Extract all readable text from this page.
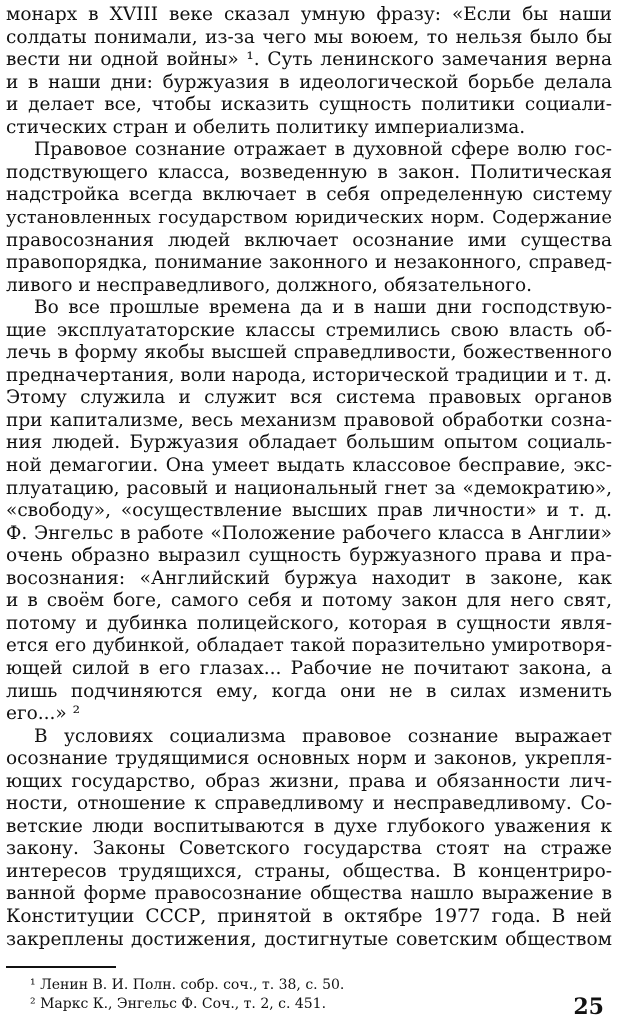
монарх в XVIII веке сказал умную фразу: «Если бы наши
солдаты понимали, из-за чего мы воюем, то нельзя было бы
вести ни одной войны» ¹. Суть ленинского замечания верна
и в наши дни: буржуазия в идеологической борьбе делала
и делает все, чтобы исказить сущность политики социали-
стических стран и обелить политику империализма.
Правовое сознание отражает в духовной сфере волю гос-
подствующего класса, возведенную в закон. Политическая
надстройка всегда включает в себя определенную систему
установленных государством юридических норм. Содержание
правосознания людей включает осознание ими существа
правопорядка, понимание законного и незаконного, справед-
ливого и несправедливого, должного, обязательного.
Во все прошлые времена да и в наши дни господствую-
щие эксплуататорские классы стремились свою власть об-
лечь в форму якобы высшей справедливости, божественного
предначертания, воли народа, исторической традиции и т. д.
Этому служила и служит вся система правовых органов
при капитализме, весь механизм правовой обработки созна-
ния людей. Буржуазия обладает большим опытом социаль-
ной демагогии. Она умеет выдать классовое бесправие, экс-
плуатацию, расовый и национальный гнет за «демократию»,
«свободу», «осуществление высших прав личности» и т. д.
Ф. Энгельс в работе «Положение рабочего класса в Англии»
очень образно выразил сущность буржуазного права и пра-
восознания: «Английский буржуа находит в законе, как
и в своём боге, самого себя и потому закон для него свят,
потому и дубинка полицейского, которая в сущности явля-
ется его дубинкой, обладает такой поразительно умиротворя-
ющей силой в его глазах... Рабочие не почитают закона, а
лишь подчиняются ему, когда они не в силах изменить
его...» ²
В условиях социализма правовое сознание выражает
осознание трудящимися основных норм и законов, укрепля-
ющих государство, образ жизни, права и обязанности лич-
ности, отношение к справедливому и несправедливому. Со-
ветские люди воспитываются в духе глубокого уважения к
закону. Законы Советского государства стоят на страже
интересов трудящихся, страны, общества. В концентриро-
ванной форме правосознание общества нашло выражение в
Конституции СССР, принятой в октябре 1977 года. В ней
закреплены достижения, достигнутые советским обществом
¹ Ленин В. И. Полн. собр. соч., т. 38, с. 50.
² Маркс К., Энгельс Ф. Соч., т. 2, с. 451.	25
